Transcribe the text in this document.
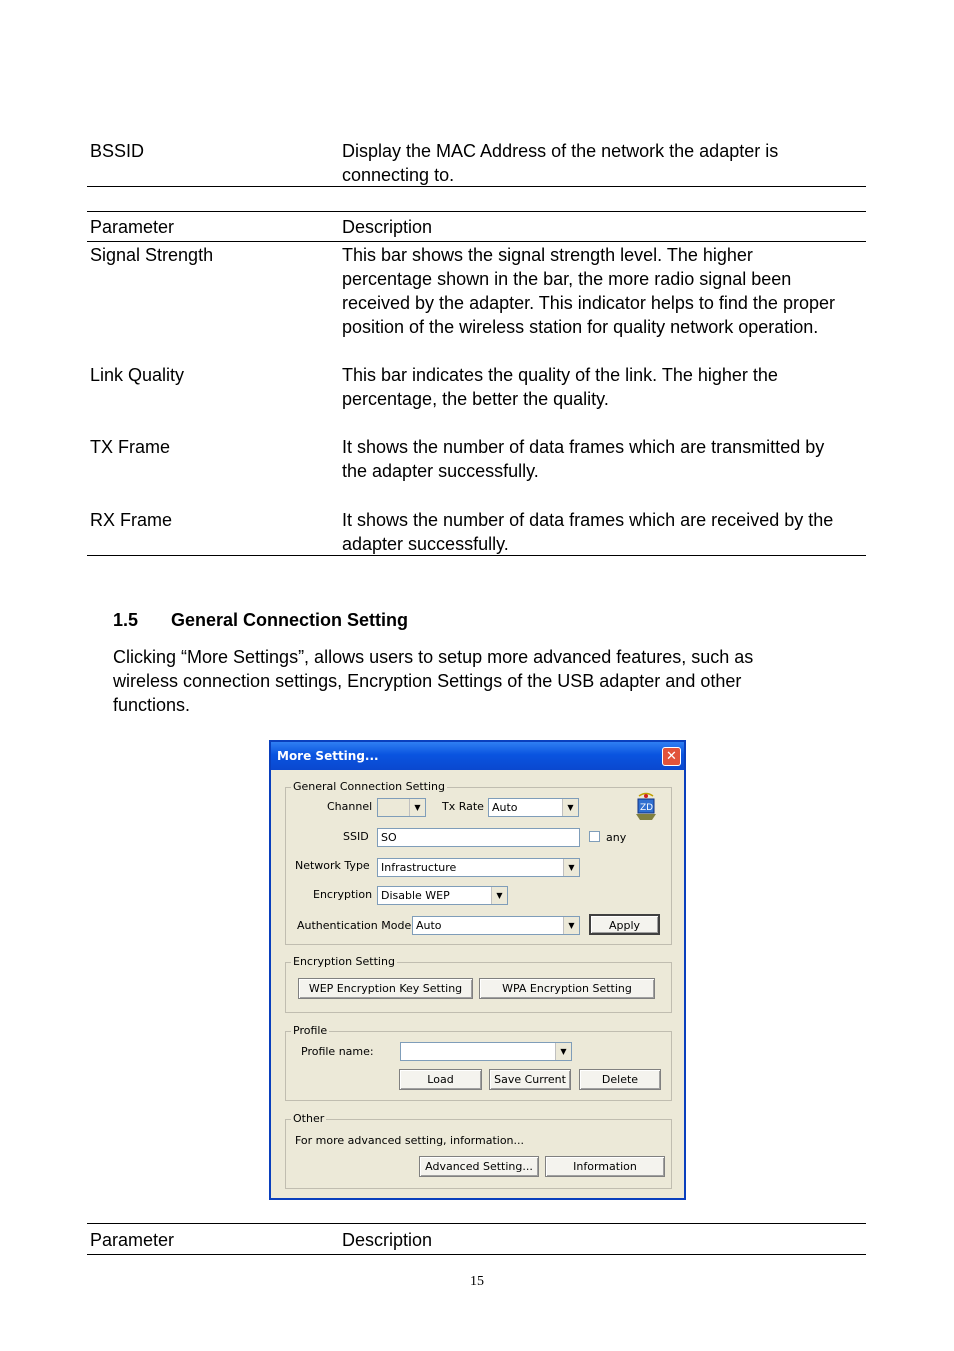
BSSID	Display the MAC Address of the network the adapter is
connecting to.
Parameter	Description
Signal Strength	This bar shows the signal strength level. The higher
percentage shown in the bar, the more radio signal been
received by the adapter. This indicator helps to find the proper
position of the wireless station for quality network operation.
Link Quality	This bar indicates the quality of the link. The higher the
percentage, the better the quality.
TX Frame	It shows the number of data frames which are transmitted by
the adapter successfully.
RX Frame	It shows the number of data frames which are received by the
adapter successfully.
1.5 General Connection Setting
Clicking “More Settings”, allows users to setup more advanced features, such as
wireless connection settings, Encryption Settings of the USB adapter and other
functions.
More Setting...	✕
General Connection Setting
Channel	▼	Tx Rate Auto	▼	ZD
SSID	SO	any
Network Type	Infrastructure	▼
Encryption Disable WEP	▼
Authentication Mode Auto	▼	Apply
Encryption Setting
WEP Encryption Key Setting	WPA Encryption Setting
Profile
Profile name:	▼
Load	Save Current	Delete
Other
For more advanced setting, information...
Advanced Setting...	Information
Parameter	Description
15
